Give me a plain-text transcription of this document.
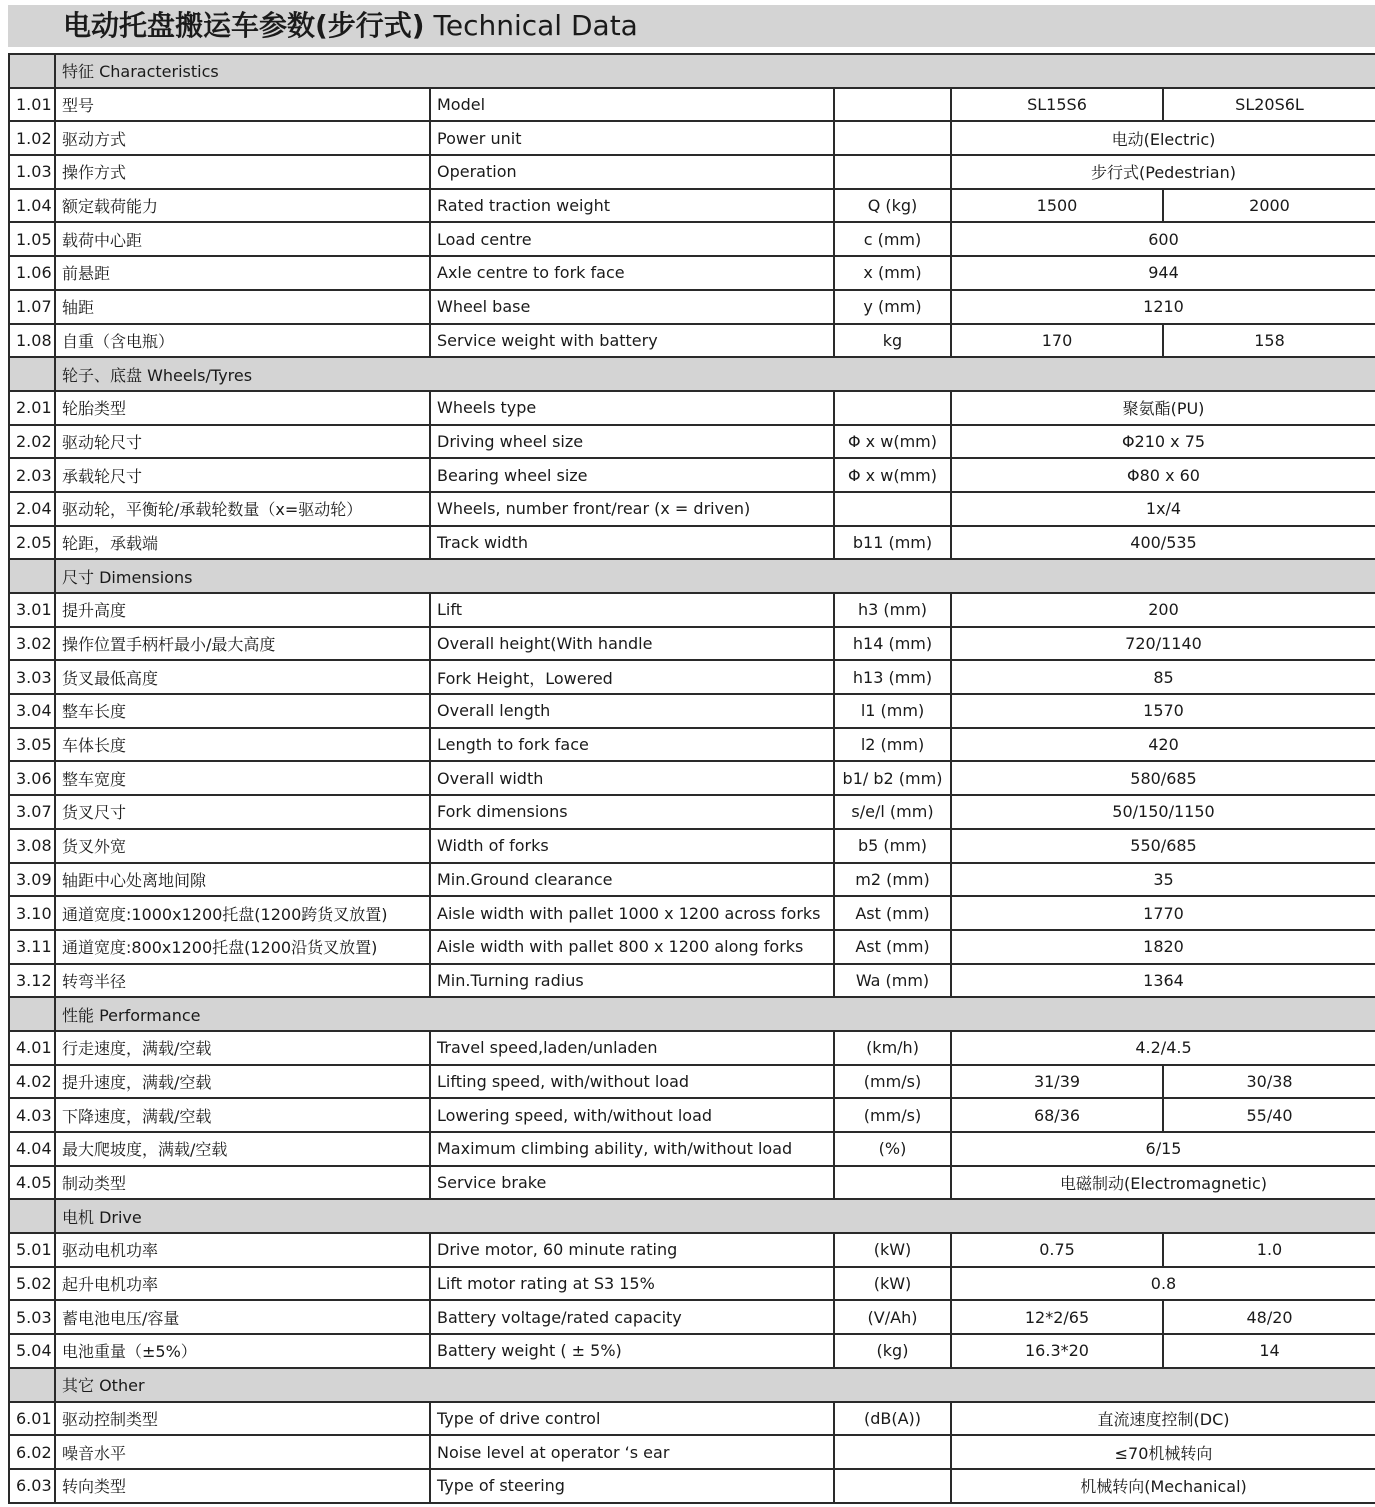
电动托盘搬运车参数(步行式) Technical Data
	特征 Characteristics				
1.01	型号	Model		SL15S6	SL20S6L
1.02	驱动方式	Power unit		电动(Electric)	
1.03	操作方式	Operation		步行式(Pedestrian)	
1.04	额定载荷能力	Rated traction weight	Q (kg)	1500	2000
1.05	载荷中心距	Load centre	c (mm)	600	
1.06	前悬距	Axle centre to fork face	x (mm)	944	
1.07	轴距	Wheel base	y (mm)	1210	
1.08	自重（含电瓶）	Service weight with battery	kg	170	158
	轮子、底盘 Wheels/Tyres				
2.01	轮胎类型	Wheels type		聚氨酯(PU)	
2.02	驱动轮尺寸	Driving wheel size	Φ x w(mm)	Φ210 x 75	
2.03	承载轮尺寸	Bearing wheel size	Φ x w(mm)	Φ80 x 60	
2.04	驱动轮，平衡轮/承载轮数量（x=驱动轮）	Wheels, number front/rear (x = driven)		1x/4	
2.05	轮距，承载端	Track width	b11 (mm)	400/535	
	尺寸 Dimensions				
3.01	提升高度	Lift	h3 (mm)	200	
3.02	操作位置手柄杆最小/最大高度	Overall height(With handle	h14 (mm)	720/1140	
3.03	货叉最低高度	Fork Height，Lowered	h13 (mm)	85	
3.04	整车长度	Overall length	l1 (mm)	1570	
3.05	车体长度	Length to fork face	l2 (mm)	420	
3.06	整车宽度	Overall width	b1/ b2 (mm)	580/685	
3.07	货叉尺寸	Fork dimensions	s/e/l (mm)	50/150/1150	
3.08	货叉外宽	Width of forks	b5 (mm)	550/685	
3.09	轴距中心处离地间隙	Min.Ground clearance	m2 (mm)	35	
3.10	通道宽度:1000x1200托盘(1200跨货叉放置)	Aisle width with pallet 1000 x 1200 across forks	Ast (mm)	1770	
3.11	通道宽度:800x1200托盘(1200沿货叉放置)	Aisle width with pallet 800 x 1200 along forks	Ast (mm)	1820	
3.12	转弯半径	Min.Turning radius	Wa (mm)	1364	
	性能 Performance				
4.01	行走速度，满载/空载	Travel speed,laden/unladen	(km/h)	4.2/4.5	
4.02	提升速度，满载/空载	Lifting speed, with/without load	(mm/s)	31/39	30/38
4.03	下降速度，满载/空载	Lowering speed, with/without load	(mm/s)	68/36	55/40
4.04	最大爬坡度，满载/空载	Maximum climbing ability, with/without load	(%)	6/15	
4.05	制动类型	Service brake		电磁制动(Electromagnetic)	
	电机 Drive				
5.01	驱动电机功率	Drive motor, 60 minute rating	(kW)	0.75	1.0
5.02	起升电机功率	Lift motor rating at S3 15%	(kW)	0.8	
5.03	蓄电池电压/容量	Battery voltage/rated capacity	(V/Ah)	12*2/65	48/20
5.04	电池重量（±5%）	Battery weight ( ± 5%)	(kg)	16.3*20	14
	其它 Other				
6.01	驱动控制类型	Type of drive control	(dB(A))	直流速度控制(DC)	
6.02	噪音水平	Noise level at operator ‘s ear		≤70机械转向	
6.03	转向类型	Type of steering		机械转向(Mechanical)	
